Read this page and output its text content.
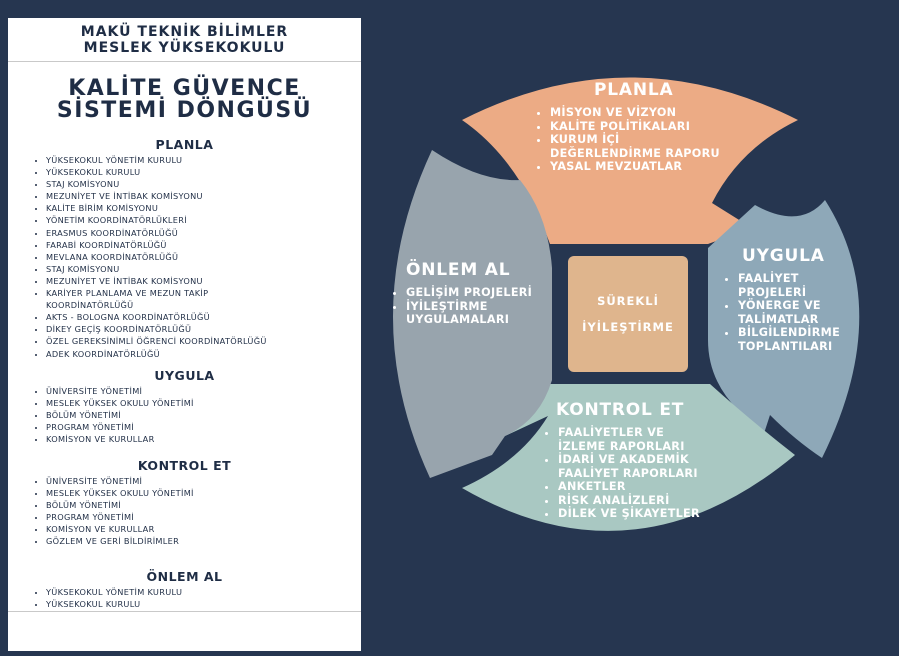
MAKÜ TEKNİK BİLİMLER
MESLEK YÜKSEKOKULU
KALİTE GÜVENCE
SİSTEMİ DÖNGÜSÜ
PLANLA
• YÜKSEKOKUL YÖNETİM KURULU
• YÜKSEKOKUL KURULU
• STAJ KOMİSYONU
• MEZUNİYET VE İNTİBAK KOMİSYONU
• KALİTE BİRİM KOMİSYONU
• YÖNETİM KOORDİNATÖRLÜKLERİ
• ERASMUS KOORDİNATÖRLÜĞÜ
• FARABİ KOORDİNATÖRLÜĞÜ
• MEVLANA KOORDİNATÖRLÜĞÜ
• STAJ KOMİSYONU
• MEZUNİYET VE İNTİBAK KOMİSYONU
• KARİYER PLANLAMA VE MEZUN TAKİP
KOORDİNATÖRLÜĞÜ
• AKTS - BOLOGNA KOORDİNATÖRLÜĞÜ
• DİKEY GEÇİŞ KOORDİNATÖRLÜĞÜ
• ÖZEL GEREKSİNİMLİ ÖĞRENCİ KOORDİNATÖRLÜĞÜ
• ADEK KOORDİNATÖRLÜĞÜ
UYGULA
• ÜNİVERSİTE YÖNETİMİ
• MESLEK YÜKSEK OKULU YÖNETİMİ
• BÖLÜM YÖNETİMİ
• PROGRAM YÖNETİMİ
• KOMİSYON VE KURULLAR
KONTROL ET
• ÜNİVERSİTE YÖNETİMİ
• MESLEK YÜKSEK OKULU YÖNETİMİ
• BÖLÜM YÖNETİMİ
• PROGRAM YÖNETİMİ
• KOMİSYON VE KURULLAR
• GÖZLEM VE GERİ BİLDİRİMLER
ÖNLEM AL
• YÜKSEKOKUL YÖNETİM KURULU
• YÜKSEKOKUL KURULU
SÜREKLİ
İYİLEŞTİRME
PLANLA
• MİSYON VE VİZYON
• KALİTE POLİTİKALARI
• KURUM İÇİ
DEĞERLENDİRME RAPORU
• YASAL MEVZUATLAR
UYGULA
• FAALİYET
PROJELERİ
• YÖNERGE VE
TALİMATLAR
• BİLGİLENDİRME
TOPLANTILARI
KONTROL ET
• FAALİYETLER VE
İZLEME RAPORLARI
• İDARİ VE AKADEMİK
FAALİYET RAPORLARI
• ANKETLER
• RİSK ANALİZLERİ
• DİLEK VE ŞİKAYETLER
ÖNLEM AL
• GELİŞİM PROJELERİ
• İYİLEŞTİRME
UYGULAMALARI
